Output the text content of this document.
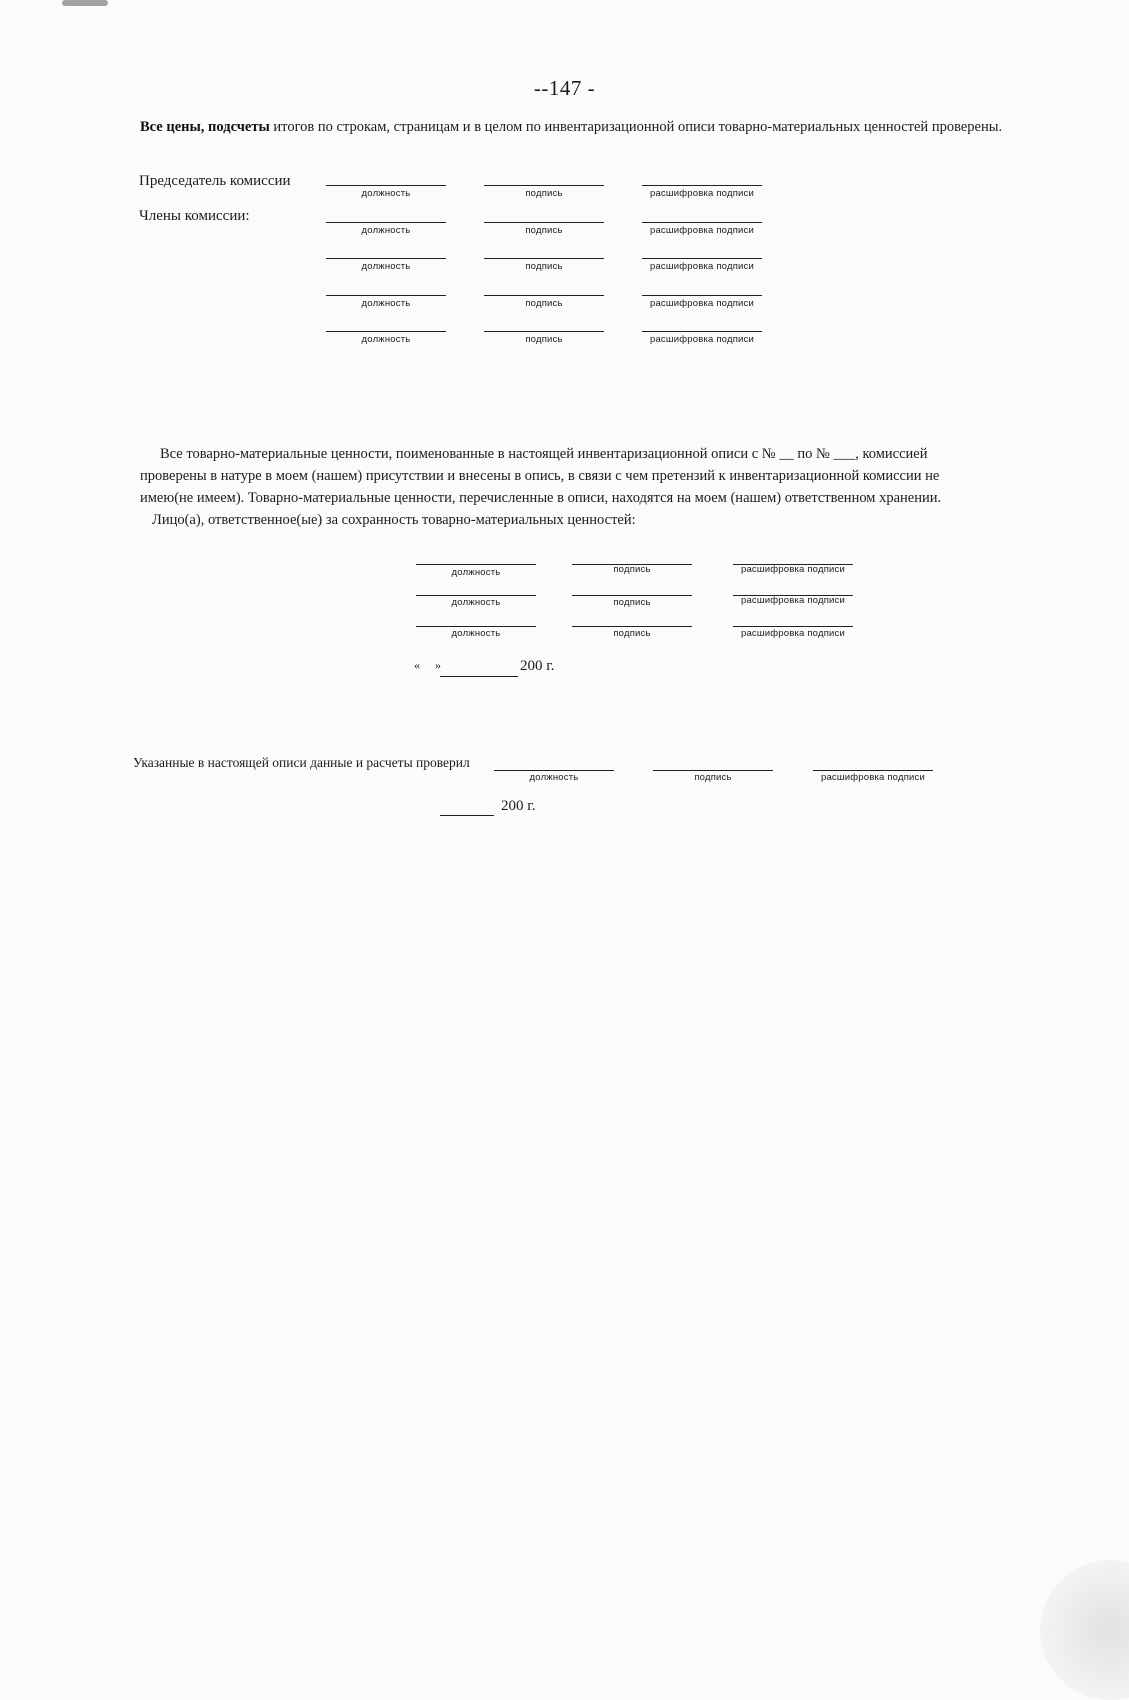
--147 -
Все цены, подсчеты итогов по строкам, страницам и в целом по инвентаризационной описи товарно-материальных ценностей проверены.
Председатель комиссии
Члены комиссии:
должность	подпись	расшифровка подписи
должность	подпись	расшифровка подписи
должность	подпись	расшифровка подписи
должность	подпись	расшифровка подписи
должность	подпись	расшифровка подписи
Все товарно-материальные ценности, поименованные в настоящей инвентаризационной описи с № __ по № ___, комиссией
проверены в натуре в моем (нашем) присутствии и внесены в опись, в связи с чем претензий к инвентаризационной комиссии не
имею(не имеем). Товарно-материальные ценности, перечисленные в описи, находятся на моем (нашем) ответственном хранении.
Лицо(а), ответственное(ые) за сохранность товарно-материальных ценностей:
должность	подпись	расшифровка подписи
должность	подпись	расшифровка подписи
должность	подпись	расшифровка подписи
« »	200 г.
Указанные в настоящей описи данные и расчеты проверил
должность	подпись	расшифровка подписи
200 г.
